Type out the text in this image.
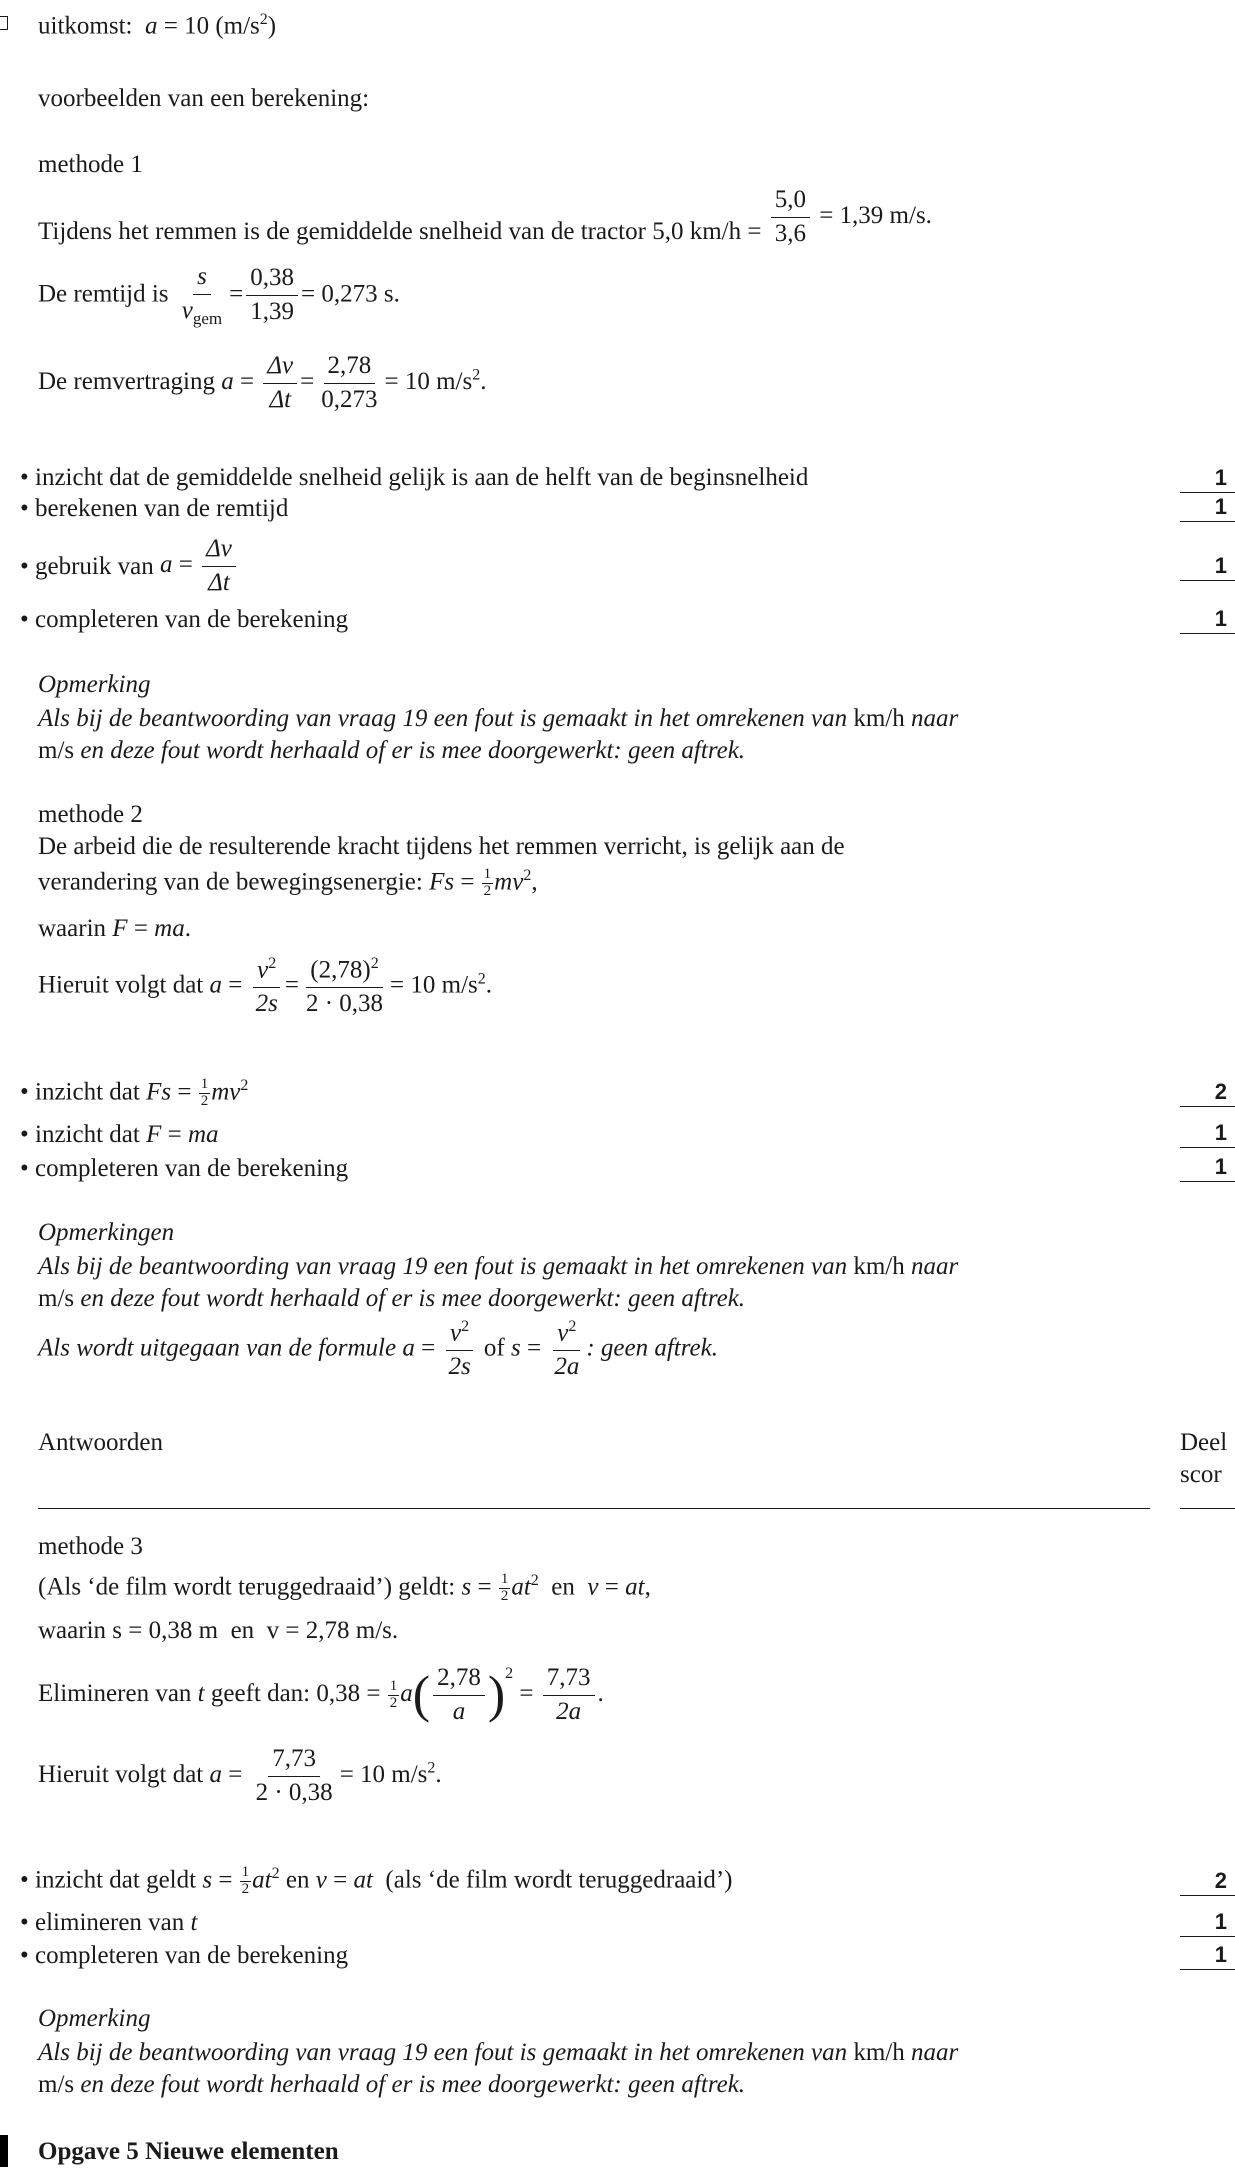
uitkomst: a = 10 $(m/s^2)$
voorbeelden van een berekening:
methode 1
Tijdens het remmen is de gemiddelde snelheid van de tractor 5,0 $km/h = \frac{5,0}{3,6} = 1,39$ m/s.
De remtijd is $\frac{s}{v_{gem}} = \frac{0,38}{1,39} = 0,273$ s.
De remvertraging $a = \frac{\Delta v}{\Delta t} = \frac{2,78}{0,273} = 10$ $m/s^2$.
• inzicht dat de gemiddelde snelheid gelijk is aan de helft van de beginsnelheid	1
• berekenen van de remtijd	1
• gebruik van $a = \frac{\Delta v}{\Delta t}$	1
• completeren van de berekening	1
Opmerking
Als bij de beantwoording van vraag 19 een fout is gemaakt in het omrekenen van km/h naar
m/s en deze fout wordt herhaald of er is mee doorgewerkt: geen aftrek.
methode 2
De arbeid die de resulterende kracht tijdens het remmen verricht, is gelijk aan de
verandering van de bewegingsenergie: $Fs = \frac{1}{2} mv^2$,
waarin F = ma.
Hieruit volgt dat $a = \frac{v^2}{2s} = \frac{(2,78)^2}{2 \cdot 0,38} = 10$ $m/s^2$.
• inzicht dat $Fs = \frac{1}{2} mv^2$	2
• inzicht dat F = ma	1
• completeren van de berekening	1
Opmerkingen
Als bij de beantwoording van vraag 19 een fout is gemaakt in het omrekenen van km/h naar
m/s en deze fout wordt herhaald of er is mee doorgewerkt: geen aftrek.
Als wordt uitgegaan van de formule $a = \frac{v^2}{2s}$ of $s = \frac{v^2}{2a}$ : geen aftrek.
Antwoorden	Deel
scor
methode 3
(Als ‘de film wordt teruggedraaid’) geldt: $s = \frac{1}{2} at^2$ en v = at,
waarin s = 0,38 m en v = 2,78 m/s.
Elimineren van t geeft dan: $0,38 = \frac{1}{2} a( \frac{2,78}{a} )^2 = \frac{7,73}{2a}$ .
Hieruit volgt dat $a = \frac{7,73}{2 \cdot 0,38} = 10$ $m/s^2$.
• inzicht dat geldt $s = \frac{1}{2} at^2$ en v = at (als ‘de film wordt teruggedraaid’)	2
• elimineren van t	1
• completeren van de berekening	1
Opmerking
Als bij de beantwoording van vraag 19 een fout is gemaakt in het omrekenen van km/h naar
m/s en deze fout wordt herhaald of er is mee doorgewerkt: geen aftrek.
Opgave 5 Nieuwe elementen
